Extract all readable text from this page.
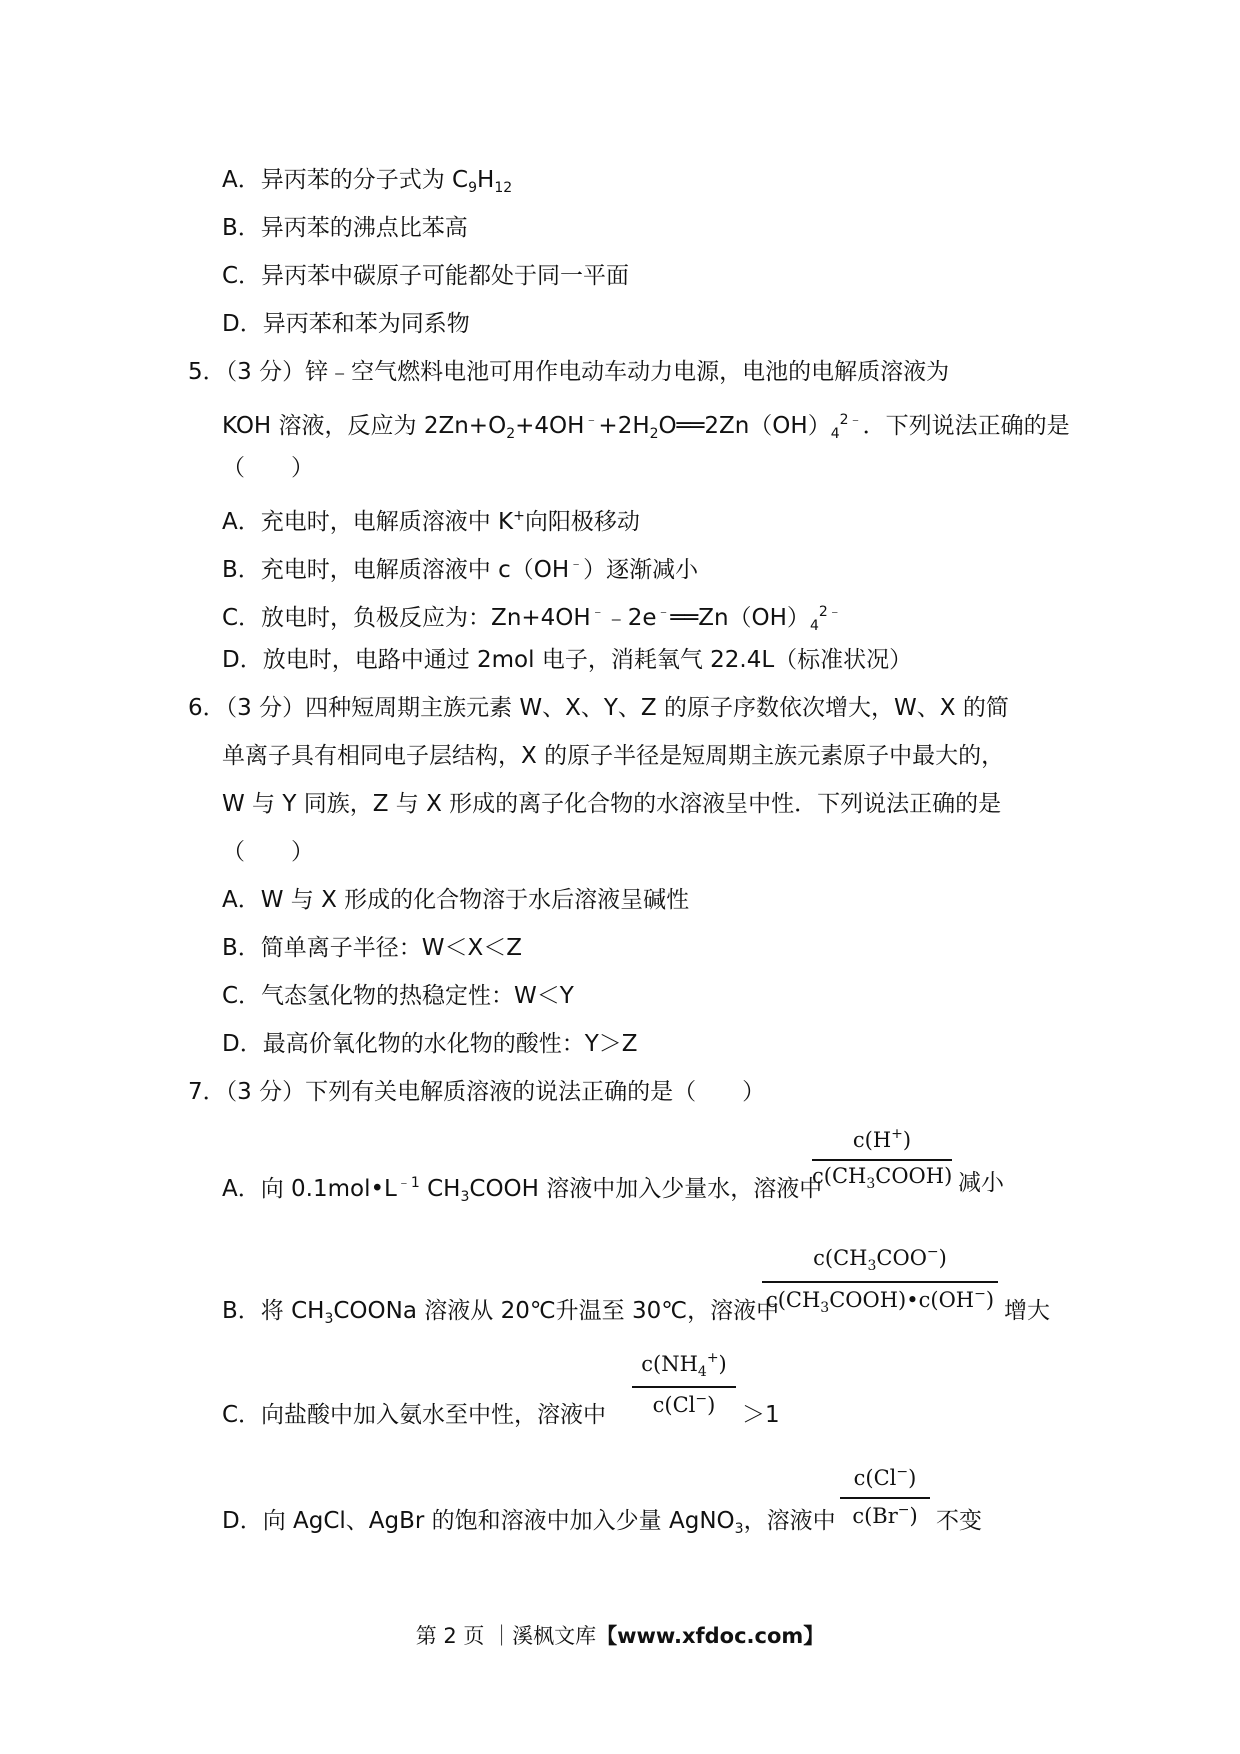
A．异丙苯的分子式为 $C_9H_{12}$
B．异丙苯的沸点比苯高
C．异丙苯中碳原子可能都处于同一平面
D．异丙苯和苯为同系物
5．（3 分）锌﹣空气燃料电池可用作电动车动力电源，电池的电解质溶液为
KOH 溶液，反应为 $2Zn+O_2+4OH^﹣+2H_2O══2Zn(OH)_4^{2﹣}$．下列说法正确的是
（　　）
A．充电时，电解质溶液中 K+向阳极移动
B．充电时，电解质溶液中 c（OH﹣）逐渐减小
C．放电时，负极反应为：$Zn+4OH^﹣﹣2e^﹣══Zn(OH)_4^{2﹣}$
D．放电时，电路中通过 2mol 电子，消耗氧气 22.4L（标准状况）
6．（3 分）四种短周期主族元素 W、X、Y、Z 的原子序数依次增大，W、X 的简
单离子具有相同电子层结构，X 的原子半径是短周期主族元素原子中最大的，
W 与 Y 同族，Z 与 X 形成的离子化合物的水溶液呈中性．下列说法正确的是
（　　）
A．W 与 X 形成的化合物溶于水后溶液呈碱性
B．简单离子半径：W＜X＜Z
C．气态氢化物的热稳定性：W＜Y
D．最高价氧化物的水化物的酸性：Y＞Z
7．（3 分）下列有关电解质溶液的说法正确的是（　　）
A．向 $0.1mol•L^{﹣1}$ $CH_3COOH$ 溶液中加入少量水，溶液中
c(H+)
$c(CH_3COOH)$ 减小
B．将 $CH_3COONa$ 溶液从 20℃升温至 30℃，溶液中
$c(CH_3COO^-)$
$c(CH_3COOH)•c(OH^-)$ 增大
C．向盐酸中加入氨水至中性，溶液中
$c(NH_4^+)$
c(Cl−)	＞1
D．向 AgCl、AgBr 的饱和溶液中加入少量 AgNO$_3$，溶液中
c(Cl−)
c(Br−) 不变
第 2 页 ｜溪枫文库【www.xfdoc.com】
